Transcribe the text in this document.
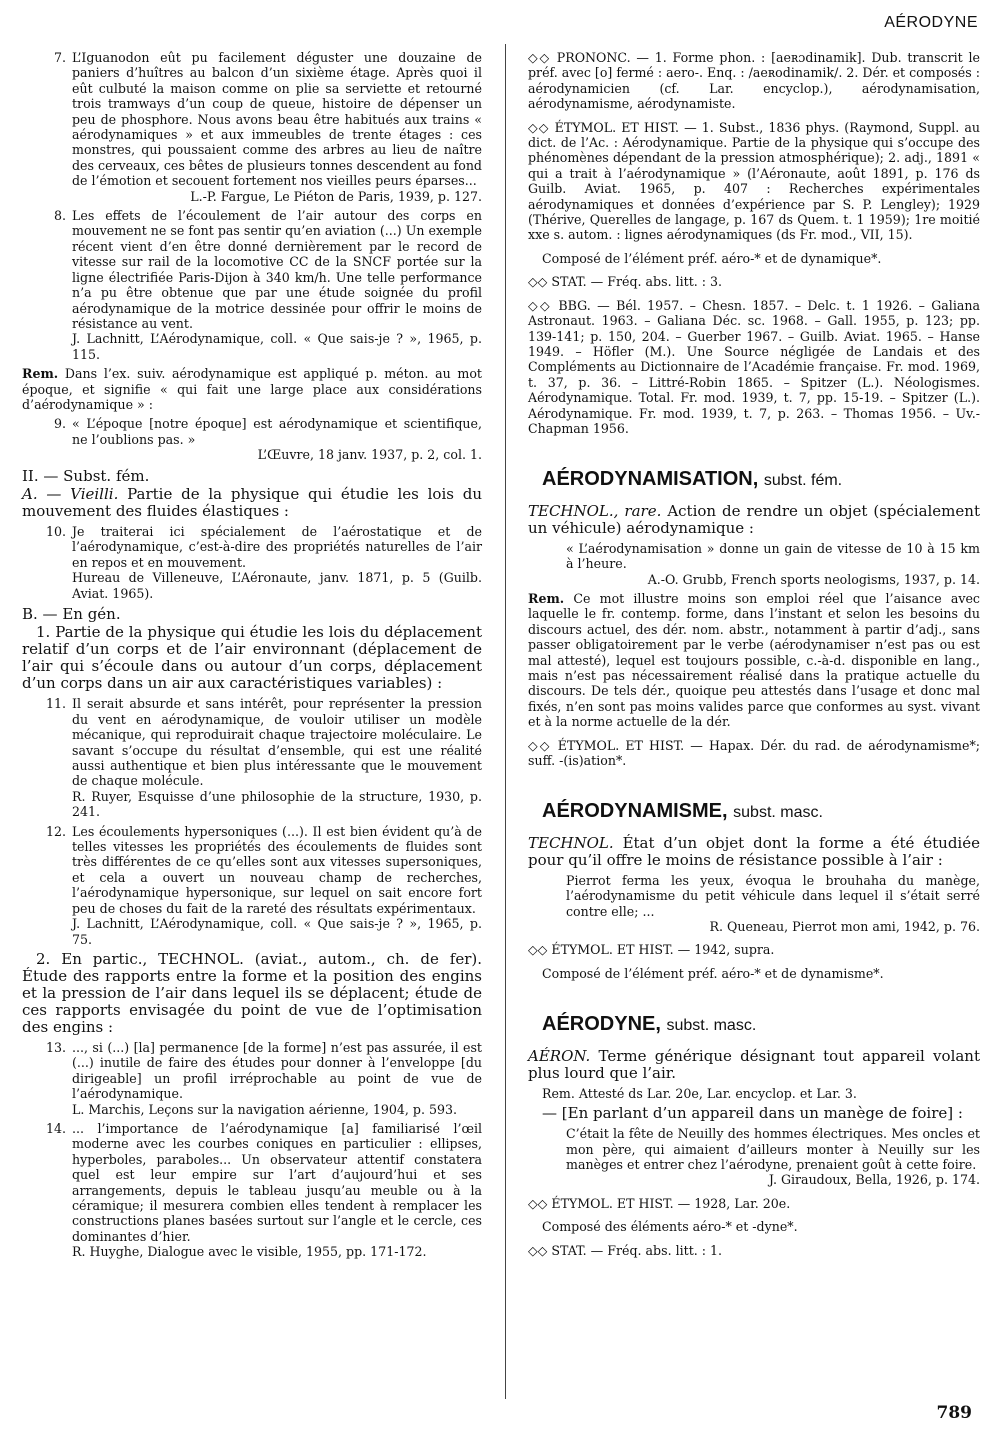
AÉRODYNE
7. L’Iguanodon eût pu facilement déguster une douzaine de paniers d’huîtres au balcon d’un sixième étage. Après quoi il eût culbuté la maison comme on plie sa serviette et retourné trois tramways d’un coup de queue, histoire de dépenser un peu de phosphore. Nous avons beau être habitués aux trains « aérodynamiques » et aux immeubles de trente étages : ces monstres, qui poussaient comme des arbres au lieu de naître des cerveaux, ces bêtes de plusieurs tonnes descendent au fond de l’émotion et secouent fortement nos vieilles peurs éparses...
L.-P. Fargue, Le Piéton de Paris, 1939, p. 127.
8. Les effets de l’écoulement de l’air autour des corps en mouvement ne se font pas sentir qu’en aviation (...) Un exemple récent vient d’en être donné dernièrement par le record de vitesse sur rail de la locomotive CC de la SNCF portée sur la ligne électrifiée Paris-Dijon à 340 km/h. Une telle performance n’a pu être obtenue que par une étude soignée du profil aérodynamique de la motrice dessinée pour offrir le moins de résistance au vent.
J. Lachnitt, L’Aérodynamique, coll. « Que sais-je ? », 1965, p. 115.

Rem. Dans l’ex. suiv. aérodynamique est appliqué p. méton. au mot époque, et signifie « qui fait une large place aux considérations d’aérodynamique » :

9. « L’époque [notre époque] est aérodynamique et scientifique, ne l’oublions pas. »
L’Œuvre, 18 janv. 1937, p. 2, col. 1.

II. — Subst. fém.

A. — Vieilli. Partie de la physique qui étudie les lois du mouvement des fluides élastiques :

10. Je traiterai ici spécialement de l’aérostatique et de l’aérodynamique, c’est-à-dire des propriétés naturelles de l’air en repos et en mouvement.
Hureau de Villeneuve, L’Aéronaute, janv. 1871, p. 5 (Guilb. Aviat. 1965).

B. — En gén.

1. Partie de la physique qui étudie les lois du déplacement relatif d’un corps et de l’air environnant (déplacement de l’air qui s’écoule dans ou autour d’un corps, déplacement d’un corps dans un air aux caractéristiques variables) :

11. Il serait absurde et sans intérêt, pour représenter la pression du vent en aérodynamique, de vouloir utiliser un modèle mécanique, qui reproduirait chaque trajectoire moléculaire. Le savant s’occupe du résultat d’ensemble, qui est une réalité aussi authentique et bien plus intéressante que le mouvement de chaque molécule.
R. Ruyer, Esquisse d’une philosophie de la structure, 1930, p. 241.
12. Les écoulements hypersoniques (...). Il est bien évident qu’à de telles vitesses les propriétés des écoulements de fluides sont très différentes de ce qu’elles sont aux vitesses supersoniques, et cela a ouvert un nouveau champ de recherches, l’aérodynamique hypersonique, sur lequel on sait encore fort peu de choses du fait de la rareté des résultats expérimentaux.
J. Lachnitt, L’Aérodynamique, coll. « Que sais-je ? », 1965, p. 75.

2. En partic., TECHNOL. (aviat., autom., ch. de fer). Étude des rapports entre la forme et la position des engins et la pression de l’air dans lequel ils se déplacent; étude de ces rapports envisagée du point de vue de l’optimisation des engins :

13. ..., si (...) [la] permanence [de la forme] n’est pas assurée, il est (...) inutile de faire des études pour donner à l’enveloppe [du dirigeable] un profil irréprochable au point de vue de l’aérodynamique.
L. Marchis, Leçons sur la navigation aérienne, 1904, p. 593.
14. ... l’importance de l’aérodynamique [a] familiarisé l’œil moderne avec les courbes coniques en particulier : ellipses, hyperboles, paraboles... Un observateur attentif constatera quel est leur empire sur l’art d’aujourd’hui et ses arrangements, depuis le tableau jusqu’au meuble ou à la céramique; il mesurera combien elles tendent à remplacer les constructions planes basées surtout sur l’angle et le cercle, ces dominantes d’hier.
R. Huyghe, Dialogue avec le visible, 1955, pp. 171-172.

◇◇ PRONONC. — 1. Forme phon. : [aeʀɔdinamik]. Dub. transcrit le préf. avec [o] fermé : aero-. Enq. : /aeʀodinamik/. 2. Dér. et composés : aérodynamicien (cf. Lar. encyclop.), aérodynamisation, aérodynamisme, aérodynamiste.

◇◇ ÉTYMOL. ET HIST. — 1. Subst., 1836 phys. (Raymond, Suppl. au dict. de l’Ac. : Aérodynamique. Partie de la physique qui s’occupe des phénomènes dépendant de la pression atmosphérique); 2. adj., 1891 « qui a trait à l’aérodynamique » (l’Aéronaute, août 1891, p. 176 ds Guilb. Aviat. 1965, p. 407 : Recherches expérimentales aérodynamiques et données d’expérience par S. P. Lengley); 1929 (Thérive, Querelles de langage, p. 167 ds Quem. t. 1 1959); 1re moitié xxe s. autom. : lignes aérodynamiques (ds Fr. mod., VII, 15).

Composé de l’élément préf. aéro-* et de dynamique*.

◇◇ STAT. — Fréq. abs. litt. : 3.

◇◇ BBG. — Bél. 1957. – Chesn. 1857. – Delc. t. 1 1926. – Galiana Astronaut. 1963. – Galiana Déc. sc. 1968. – Gall. 1955, p. 123; pp. 139-141; p. 150, 204. – Guerber 1967. – Guilb. Aviat. 1965. – Hanse 1949. – Höfler (M.). Une Source négligée de Landais et des Compléments au Dictionnaire de l’Académie française. Fr. mod. 1969, t. 37, p. 36. – Littré-Robin 1865. – Spitzer (L.). Néologismes. Aérodynamique. Total. Fr. mod. 1939, t. 7, pp. 15-19. – Spitzer (L.). Aérodynamique. Fr. mod. 1939, t. 7, p. 263. – Thomas 1956. – Uv.-Chapman 1956.

AÉRODYNAMISATION, subst. fém.

TECHNOL., rare. Action de rendre un objet (spécialement un véhicule) aérodynamique :

« L’aérodynamisation » donne un gain de vitesse de 10 à 15 km à l’heure.
A.-O. Grubb, French sports neologisms, 1937, p. 14.

Rem. Ce mot illustre moins son emploi réel que l’aisance avec laquelle le fr. contemp. forme, dans l’instant et selon les besoins du discours actuel, des dér. nom. abstr., notamment à partir d’adj., sans passer obligatoirement par le verbe (aérodynamiser n’est pas ou est mal attesté), lequel est toujours possible, c.-à-d. disponible en lang., mais n’est pas nécessairement réalisé dans la pratique actuelle du discours. De tels dér., quoique peu attestés dans l’usage et donc mal fixés, n’en sont pas moins valides parce que conformes au syst. vivant et à la norme actuelle de la dér.

◇◇ ÉTYMOL. ET HIST. — Hapax. Dér. du rad. de aérodynamisme*; suff. -(is)ation*.

AÉRODYNAMISME, subst. masc.

TECHNOL. État d’un objet dont la forme a été étudiée pour qu’il offre le moins de résistance possible à l’air :

Pierrot ferma les yeux, évoqua le brouhaha du manège, l’aérodynamisme du petit véhicule dans lequel il s’était serré contre elle; ...
R. Queneau, Pierrot mon ami, 1942, p. 76.

◇◇ ÉTYMOL. ET HIST. — 1942, supra.

Composé de l’élément préf. aéro-* et de dynamisme*.

AÉRODYNE, subst. masc.

AÉRON. Terme générique désignant tout appareil volant plus lourd que l’air.

Rem. Attesté ds Lar. 20e, Lar. encyclop. et Lar. 3.

— [En parlant d’un appareil dans un manège de foire] :

C’était la fête de Neuilly des hommes électriques. Mes oncles et mon père, qui aimaient d’ailleurs monter à Neuilly sur les manèges et entrer chez l’aérodyne, prenaient goût à cette foire.
J. Giraudoux, Bella, 1926, p. 174.

◇◇ ÉTYMOL. ET HIST. — 1928, Lar. 20e.

Composé des éléments aéro-* et -dyne*.

◇◇ STAT. — Fréq. abs. litt. : 1.

789
